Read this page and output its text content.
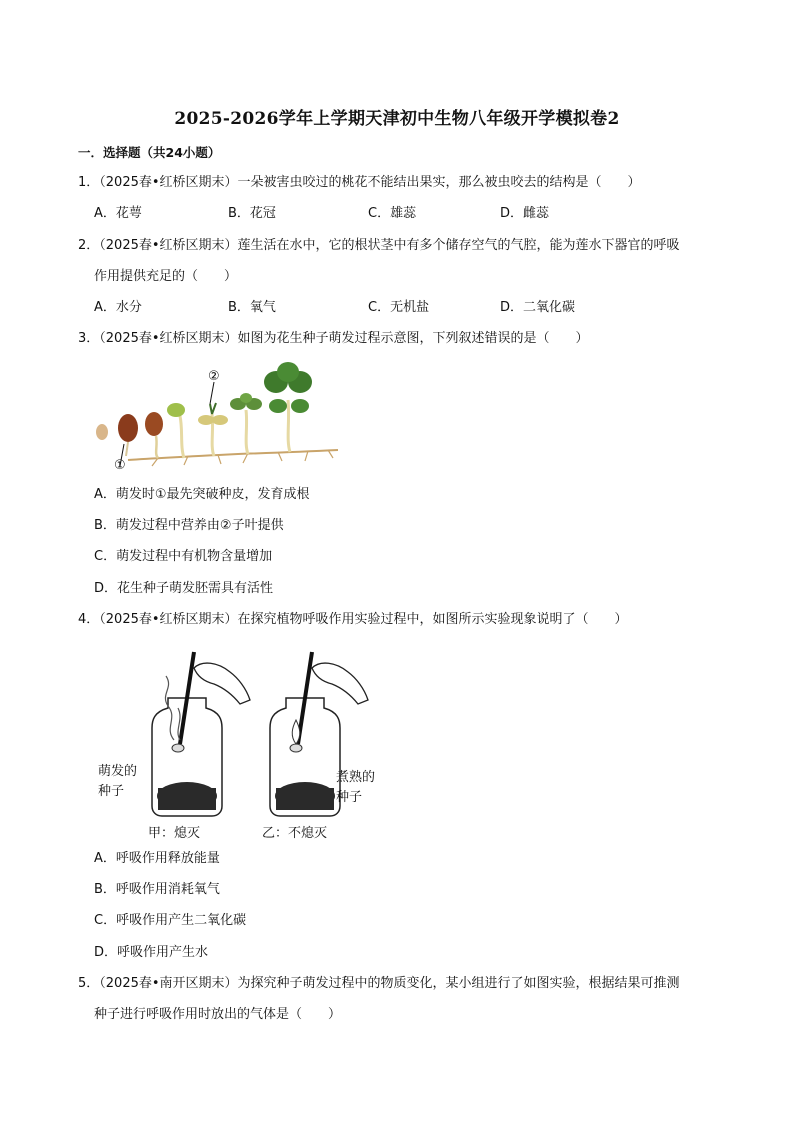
2025-2026学年上学期天津初中生物八年级开学模拟卷2
一．选择题（共24小题）
1．（2025春•红桥区期末）一朵被害虫咬过的桃花不能结出果实，那么被虫咬去的结构是（　　）
A．花萼	B．花冠	C．雄蕊	D．雌蕊
2．（2025春•红桥区期末）莲生活在水中，它的根状茎中有多个储存空气的气腔，能为莲水下器官的呼吸
作用提供充足的（　　）
A．水分	B．氧气	C．无机盐	D．二氧化碳
3．（2025春•红桥区期末）如图为花生种子萌发过程示意图，下列叙述错误的是（　　）
②
①
A．萌发时①最先突破种皮，发育成根
B．萌发过程中营养由②子叶提供
C．萌发过程中有机物含量增加
D．花生种子萌发胚需具有活性
4．（2025春•红桥区期末）在探究植物呼吸作用实验过程中，如图所示实验现象说明了（　　）
萌发的
种子
煮熟的
种子
甲：熄灭	乙：不熄灭
A．呼吸作用释放能量
B．呼吸作用消耗氧气
C．呼吸作用产生二氧化碳
D．呼吸作用产生水
5．（2025春•南开区期末）为探究种子萌发过程中的物质变化，某小组进行了如图实验，根据结果可推测
种子进行呼吸作用时放出的气体是（　　）
